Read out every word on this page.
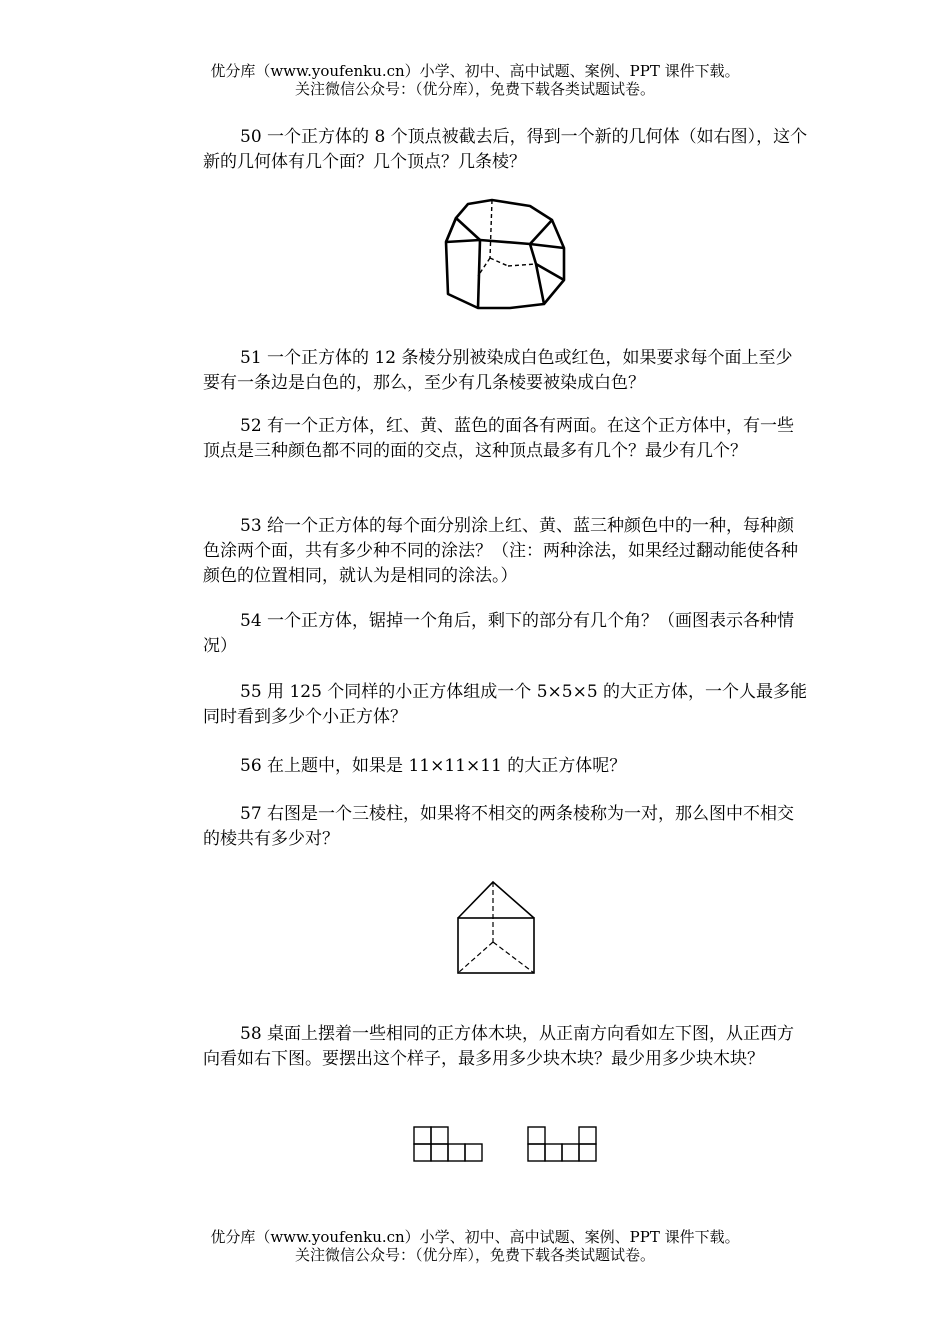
优分库（www.youfenku.cn）小学、初中、高中试题、案例、PPT 课件下载。
关注微信公众号：（优分库），免费下载各类试题试卷。

50 一个正方体的 8 个顶点被截去后，得到一个新的几何体（如右图），这个新的几何体有几个面？几个顶点？几条棱？

51 一个正方体的 12 条棱分别被染成白色或红色，如果要求每个面上至少要有一条边是白色的，那么，至少有几条棱要被染成白色？

52 有一个正方体，红、黄、蓝色的面各有两面。在这个正方体中，有一些顶点是三种颜色都不同的面的交点，这种顶点最多有几个？最少有几个？

53 给一个正方体的每个面分别涂上红、黄、蓝三种颜色中的一种，每种颜色涂两个面，共有多少种不同的涂法？（注：两种涂法，如果经过翻动能使各种颜色的位置相同，就认为是相同的涂法。）

54 一个正方体，锯掉一个角后，剩下的部分有几个角？（画图表示各种情况）

55 用 125 个同样的小正方体组成一个 5×5×5 的大正方体，一个人最多能同时看到多少个小正方体？

56 在上题中，如果是 11×11×11 的大正方体呢？

57 右图是一个三棱柱，如果将不相交的两条棱称为一对，那么图中不相交的棱共有多少对？

58 桌面上摆着一些相同的正方体木块，从正南方向看如左下图，从正西方向看如右下图。要摆出这个样子，最多用多少块木块？最少用多少块木块？

优分库（www.youfenku.cn）小学、初中、高中试题、案例、PPT 课件下载。
关注微信公众号：（优分库），免费下载各类试题试卷。
